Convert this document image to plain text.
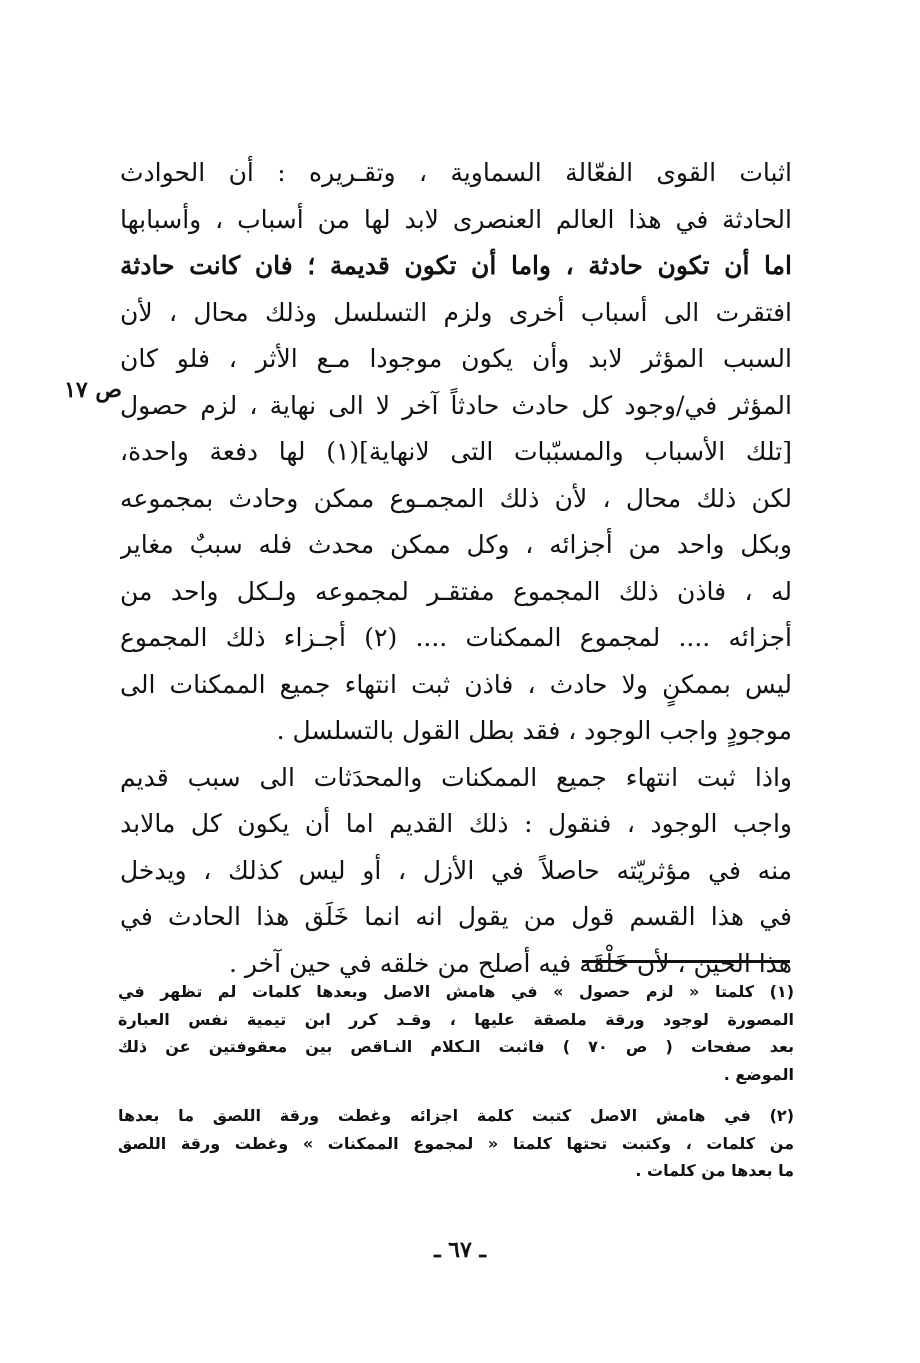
اثبات القوى الفعّالة السماوية ، وتقـريره : أن الحوادث
الحادثة في هذا العالم العنصرى لابد لها من أسباب ، وأسبابها
اما أن تكون حادثة ، واما أن تكون قديمة ؛ فان كانت حادثة
افتقرت الى أسباب أخرى ولزم التسلسل وذلك محال ، لأن
السبب المؤثر لابد وأن يكون موجودا مـع الأثر ، فلو كان
المؤثر في/وجود كل حادث حادثاً آخر لا الى نهاية ، لزم حصول
[تلك الأسباب والمسبّبات التى لانهاية](١) لها دفعة واحدة،
لكن ذلك محال ، لأن ذلك المجمـوع ممكن وحادث بمجموعه
وبكل واحد من أجزائه ، وكل ممكن محدث فله سببٌ مغاير
له ، فاذن ذلك المجموع مفتقـر لمجموعه ولـكل واحد من
أجزائه .... لمجموع الممكنات .... (٢) أجـزاء ذلك المجموع
ليس بممكنٍ ولا حادث ، فاذن ثبت انتهاء جميع الممكنات الى
موجودٍ واجب الوجود ، فقد بطل القول بالتسلسل .
واذا ثبت انتهاء جميع الممكنات والمحدَثات الى سبب قديم
واجب الوجود ، فنقول : ذلك القديم اما أن يكون كل مالابد
منه في مؤثريّته حاصلاً في الأزل ، أو ليس كذلك ، ويدخل
في هذا القسم قول من يقول انه انما خَلَق هذا الحادث في
هذا الحين ، لأن خَلْقَه فيه أصلح من خلقه في حين آخر .
ص ١٧
(١) كلمتا « لزم حصول » في هامش الاصل وبعدها كلمات لم تظهر في
المصورة لوجود ورقة ملصقة عليها ، وقـد كرر ابن تيمية نفس العبارة
بعد صفحات ( ص ٧٠ ) فاثبت الـكلام النـاقص بين معقوفتين عن ذلك
الموضع .
(٢) في هامش الاصل كتبت كلمة اجزائه وغطت ورقة اللصق ما بعدها
من كلمات ، وكتبت تحتها كلمتا « لمجموع الممكنات » وغطت ورقة اللصق
ما بعدها من كلمات .
ـ ٦٧ ـ
